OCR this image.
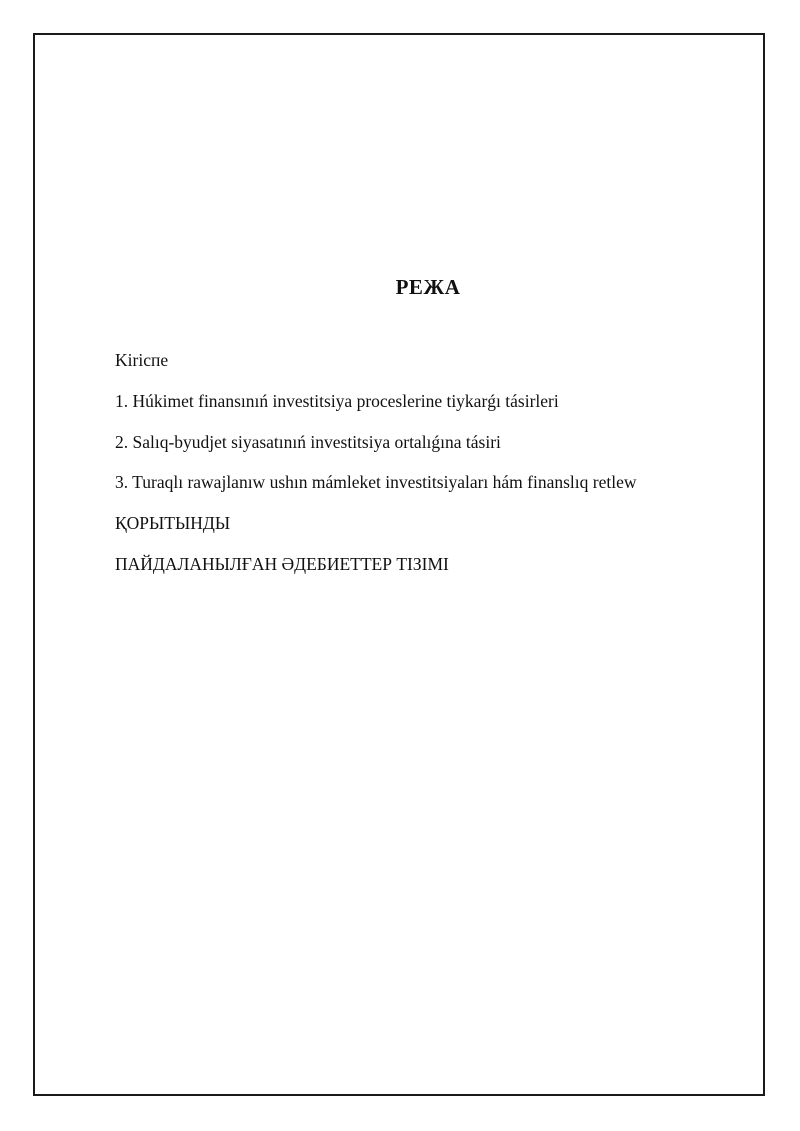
РЕЖА
Kiriспе
1. Húkimet finansınıń investitsiya proceslerine tiykarǵı tásirleri
2. Salıq-byudjet siyasatınıń investitsiya ortalıǵına tásiri
3. Turaqlı rawajlanıw ushın mámleket investitsiyaları hám finanslıq retlew
ҚОРЫТЫНДЫ
ПАЙДАЛАНЫЛҒАН ӘДЕБИЕТТЕР ТІЗІМІ
